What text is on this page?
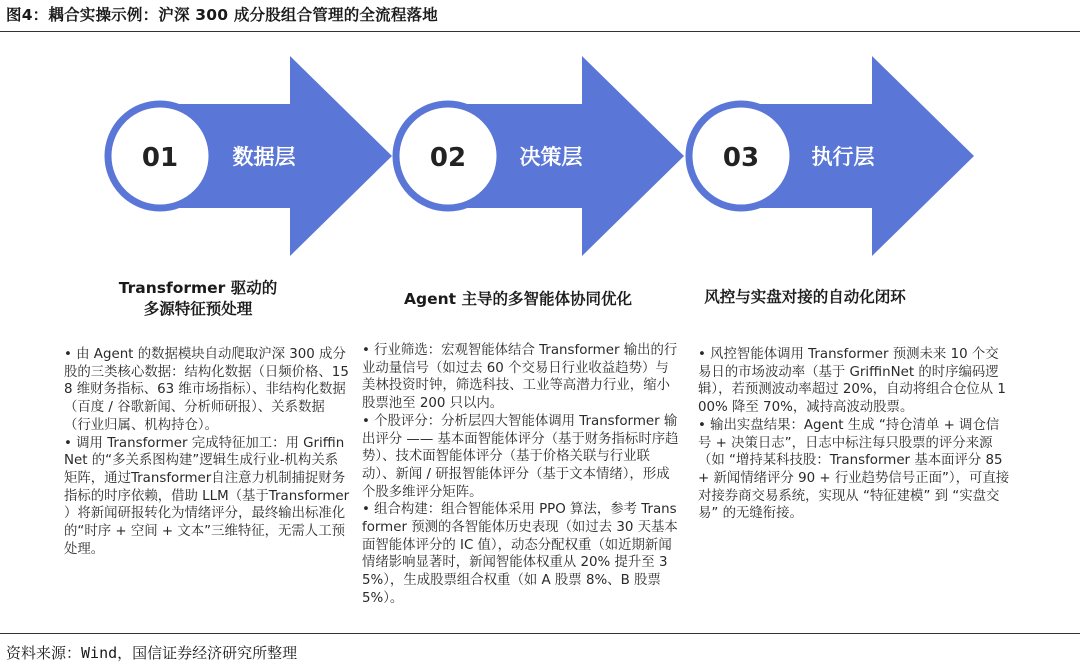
图4：耦合实操示例：沪深 300 成分股组合管理的全流程落地
01	数据层	02	决策层	03 执行层
Transformer 驱动的
多源特征预处理
Agent 主导的多智能体协同优化	风控与实盘对接的自动化闭环

• 由 Agent 的数据模块自动爬取沪深 300 成分股的三类核心数据：结构化数据（日频价格、158 维财务指标、63 维市场指标）、非结构化数据（百度 / 谷歌新闻、分析师研报）、关系数据（行业归属、机构持仓）。

• 调用 Transformer 完成特征加工：用 GriffinNet 的“多关系图构建”逻辑生成行业-机构关系矩阵，通过Transformer自注意力机制捕捉财务指标的时序依赖，借助 LLM（基于Transformer ）将新闻研报转化为情绪评分，最终输出标准化的“时序 + 空间 + 文本”三维特征，无需人工预处理。

• 行业筛选：宏观智能体结合 Transformer 输出的行业动量信号（如过去 60 个交易日行业收益趋势）与美林投资时钟，筛选科技、工业等高潜力行业，缩小股票池至 200 只以内。

• 个股评分：分析层四大智能体调用 Transformer 输出评分 —— 基本面智能体评分（基于财务指标时序趋势）、技术面智能体评分（基于价格关联与行业联动）、新闻 / 研报智能体评分（基于文本情绪），形成个股多维评分矩阵。

• 组合构建：组合智能体采用 PPO 算法，参考 Transformer 预测的各智能体历史表现（如过去 30 天基本面智能体评分的 IC 值），动态分配权重（如近期新闻情绪影响显著时，新闻智能体权重从 20% 提升至 35%），生成股票组合权重（如 A 股票 8%、B 股票 5%）。

• 风控智能体调用 Transformer 预测未来 10 个交易日的市场波动率（基于 GriffinNet 的时序编码逻辑），若预测波动率超过 20%，自动将组合仓位从 100% 降至 70%，减持高波动股票。

• 输出实盘结果：Agent 生成 “持仓清单 + 调仓信号 + 决策日志”，日志中标注每只股票的评分来源（如 “增持某科技股：Transformer 基本面评分 85 + 新闻情绪评分 90 + 行业趋势信号正面”），可直接对接券商交易系统，实现从 “特征建模” 到 “实盘交易” 的无缝衔接。

资料来源：Wind，国信证券经济研究所整理
